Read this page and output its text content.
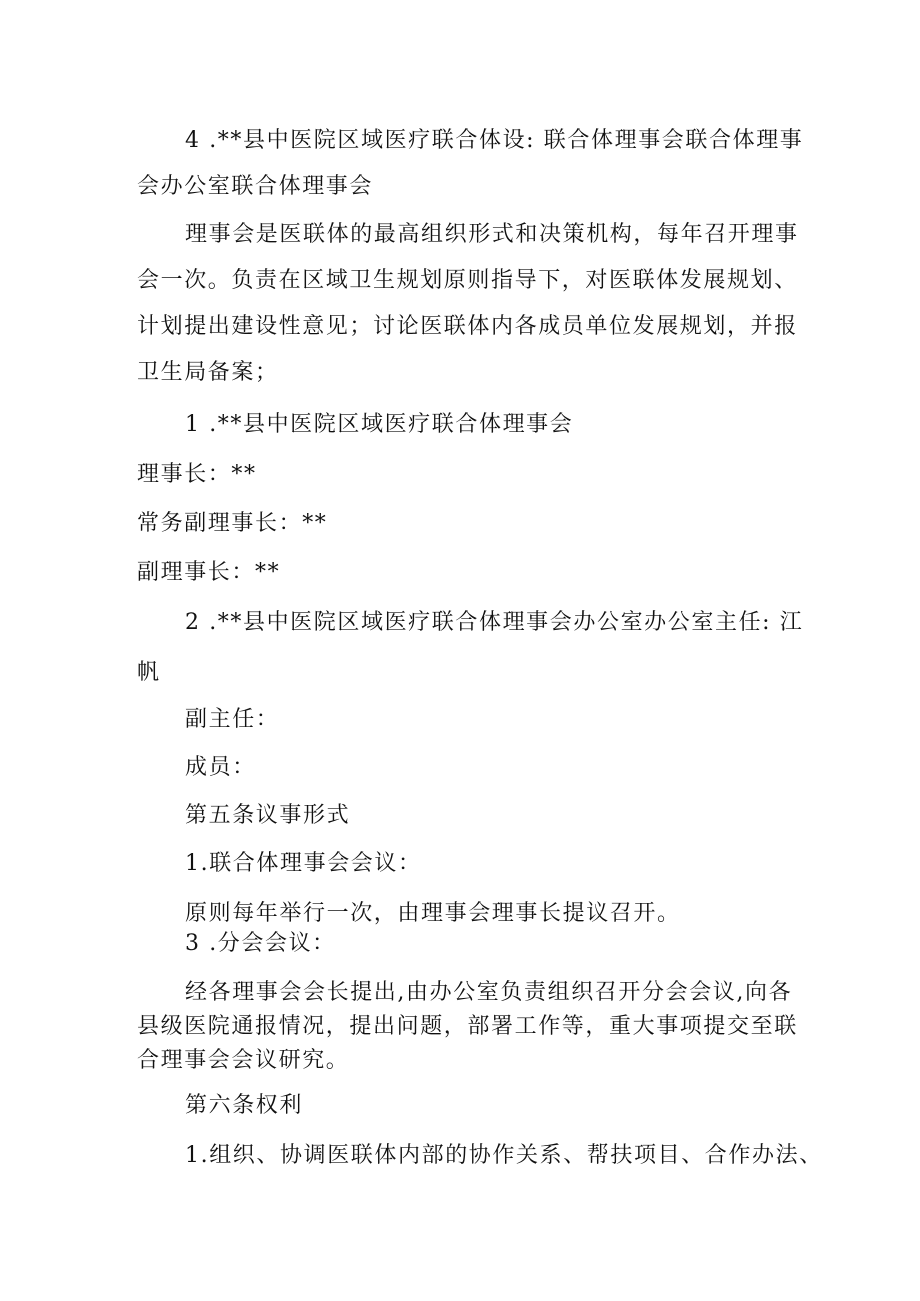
4 .**县中医院区域医疗联合体设: 联合体理事会联合体理事
会办公室联合体理事会

理事会是医联体的最高组织形式和决策机构，每年召开理事
会一次。负责在区域卫生规划原则指导下，对医联体发展规划、
计划提出建设性意见；讨论医联体内各成员单位发展规划，并报
卫生局备案；

1 .**县中医院区域医疗联合体理事会

理事长：**

常务副理事长：**

副理事长：**

2 .**县中医院区域医疗联合体理事会办公室办公室主任: 江
帆

副主任：

成员：

第五条议事形式

1.联合体理事会会议：

原则每年举行一次，由理事会理事长提议召开。

3 .分会会议：

经各理事会会长提出,由办公室负责组织召开分会会议,向各
县级医院通报情况，提出问题，部署工作等，重大事项提交至联
合理事会会议研究。

第六条权利

1.组织、协调医联体内部的协作关系、帮扶项目、合作办法、
